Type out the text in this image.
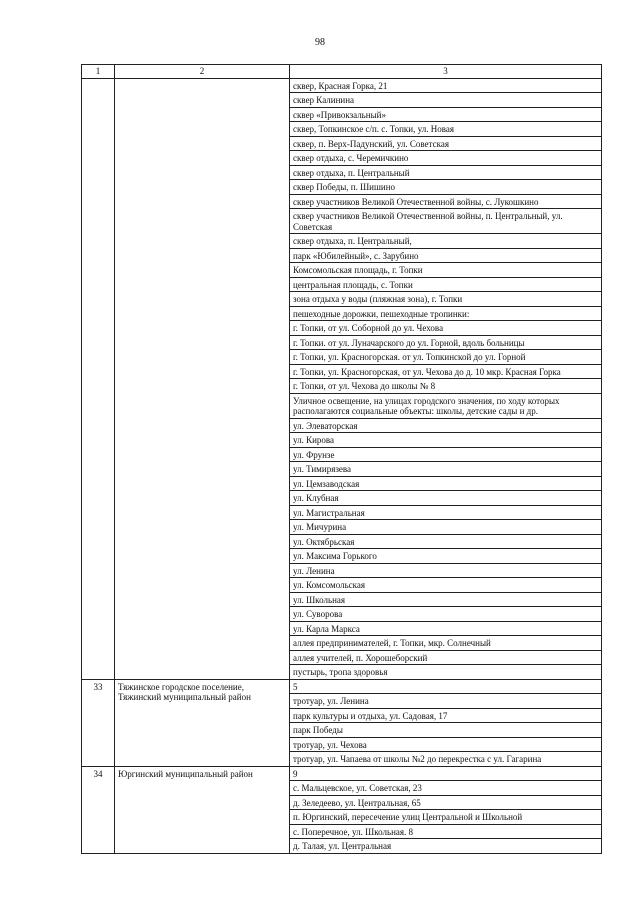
98
1	2	3
		сквер, Красная Горка, 21
		сквер Калинина
		сквер «Привокзальный»
		сквер, Топкинское с/п. с. Топки, ул. Новая
		сквер, п. Верх-Падунский, ул. Советская
		сквер отдыха, с. Черемичкино
		сквер отдыха, п. Центральный
		сквер Победы, п. Шишино
		сквер участников Великой Отечественной войны, с. Лукошкино
		сквер участников Великой Отечественной войны, п. Центральный, ул. Советская
		сквер отдыха, п. Центральный,
		парк «Юбилейный», с. Зарубино
		Комсомольская площадь, г. Топки
		центральная площадь, с. Топки
		зона отдыха у воды (пляжная зона), г. Топки
		пешеходные дорожки, пешеходные тропинки:
		г. Топки, от ул. Соборной до ул. Чехова
		г. Топки. от ул. Луначарского до ул. Горной, вдоль больницы
		г. Топки, ул. Красногорская. от ул. Топкинской до ул. Горной
		г. Топки, ул. Красногорская, от ул. Чехова до д. 10 мкр. Красная Горка
		г. Топки, от ул. Чехова до школы № 8
		Уличное освещение, на улицах городского значения, по ходу которых располагаются социальные объекты: школы, детские сады и др.
		ул. Элеваторская
		ул. Кирова
		ул. Фрунзе
		ул. Тимирязева
		ул. Цемзаводская
		ул. Клубная
		ул. Магистральная
		ул. Мичурина
		ул. Октябрьская
		ул. Максима Горького
		ул. Ленина
		ул. Комсомольская
		ул. Школьная
		ул. Суворова
		ул. Карла Маркса
		аллея предпринимателей, г. Топки, мкр. Солнечный
		аллея учителей, п. Хорошеборский
		пустырь, тропа здоровья
33	Тяжинское городское поселение, Тяжинский муниципальный район	5
		тротуар, ул. Ленина
		парк культуры и отдыха, ул. Садовая, 17
		парк Победы
		тротуар, ул. Чехова
		тротуар, ул. Чапаева от школы №2 до перекрестка с ул. Гагарина
34	Юргинский муниципальный район	9
		с. Мальцевское, ул. Советская, 23
		д. Зеледеево, ул. Центральная, 65
		п. Юргинский, пересечение улиц Центральной и Школьной
		с. Поперечное, ул. Школьная. 8
		д. Талая, ул. Центральная
